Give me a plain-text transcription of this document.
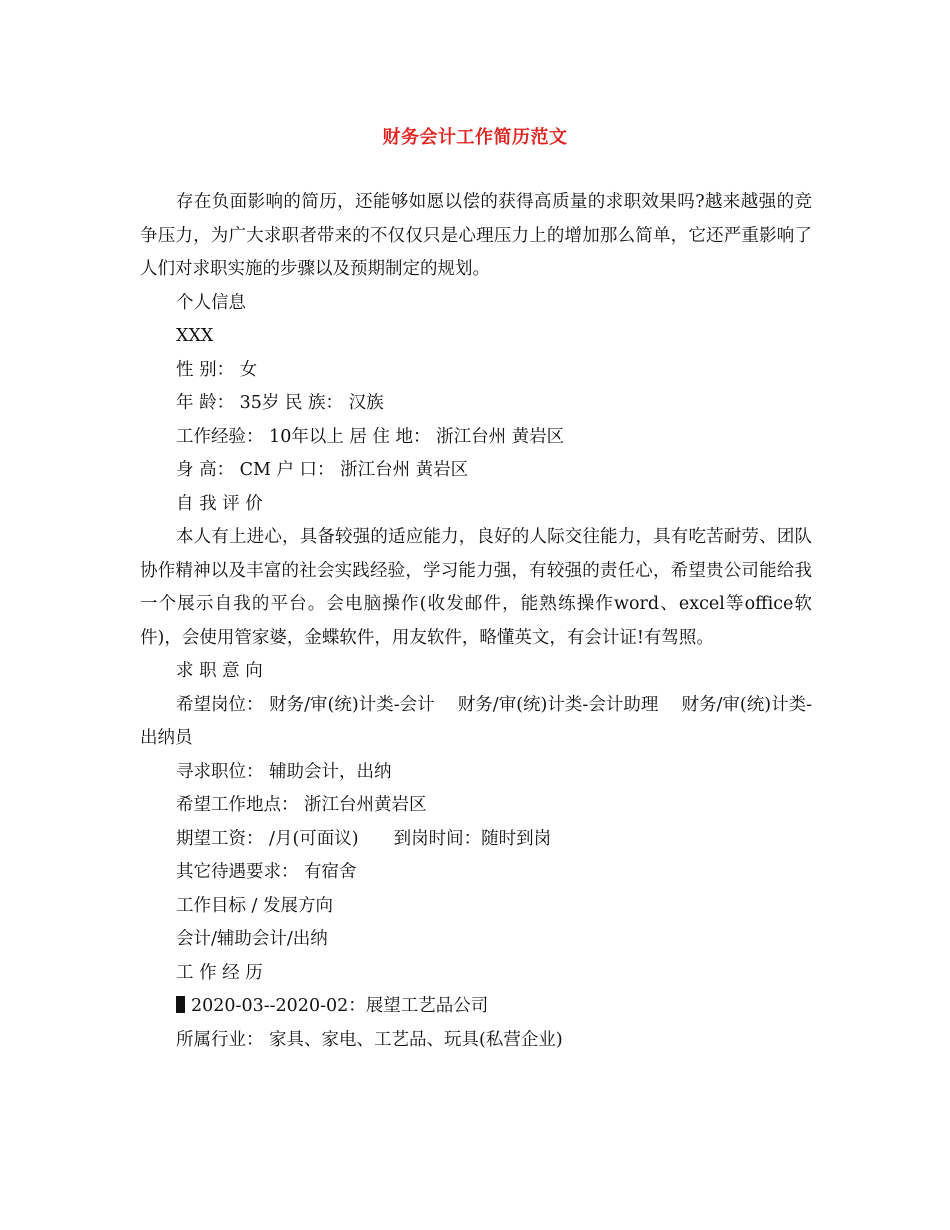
财务会计工作简历范文

存在负面影响的简历，还能够如愿以偿的获得高质量的求职效果吗?越来越强的竞争压力，为广大求职者带来的不仅仅只是心理压力上的增加那么简单，它还严重影响了人们对求职实施的步骤以及预期制定的规划。

个人信息

XXX

性 别： 女

年 龄： 35岁 民 族： 汉族

工作经验： 10年以上 居 住 地： 浙江台州 黄岩区

身 高： CM 户 口： 浙江台州 黄岩区

自 我 评 价

本人有上进心，具备较强的适应能力，良好的人际交往能力，具有吃苦耐劳、团队协作精神以及丰富的社会实践经验，学习能力强，有较强的责任心，希望贵公司能给我一个展示自我的平台。会电脑操作(收发邮件，能熟练操作word、excel等office软件)，会使用管家婆，金蝶软件，用友软件，略懂英文，有会计证!有驾照。

求 职 意 向

希望岗位： 财务/审(统)计类-会计　 财务/审(统)计类-会计助理　 财务/审(统)计类-出纳员

寻求职位： 辅助会计，出纳

希望工作地点： 浙江台州黄岩区

期望工资： /月(可面议)　　到岗时间：随时到岗

其它待遇要求： 有宿舍

工作目标 / 发展方向

会计/辅助会计/出纳

工 作 经 历

2020-03--2020-02：展望工艺品公司

所属行业： 家具、家电、工艺品、玩具(私营企业)
